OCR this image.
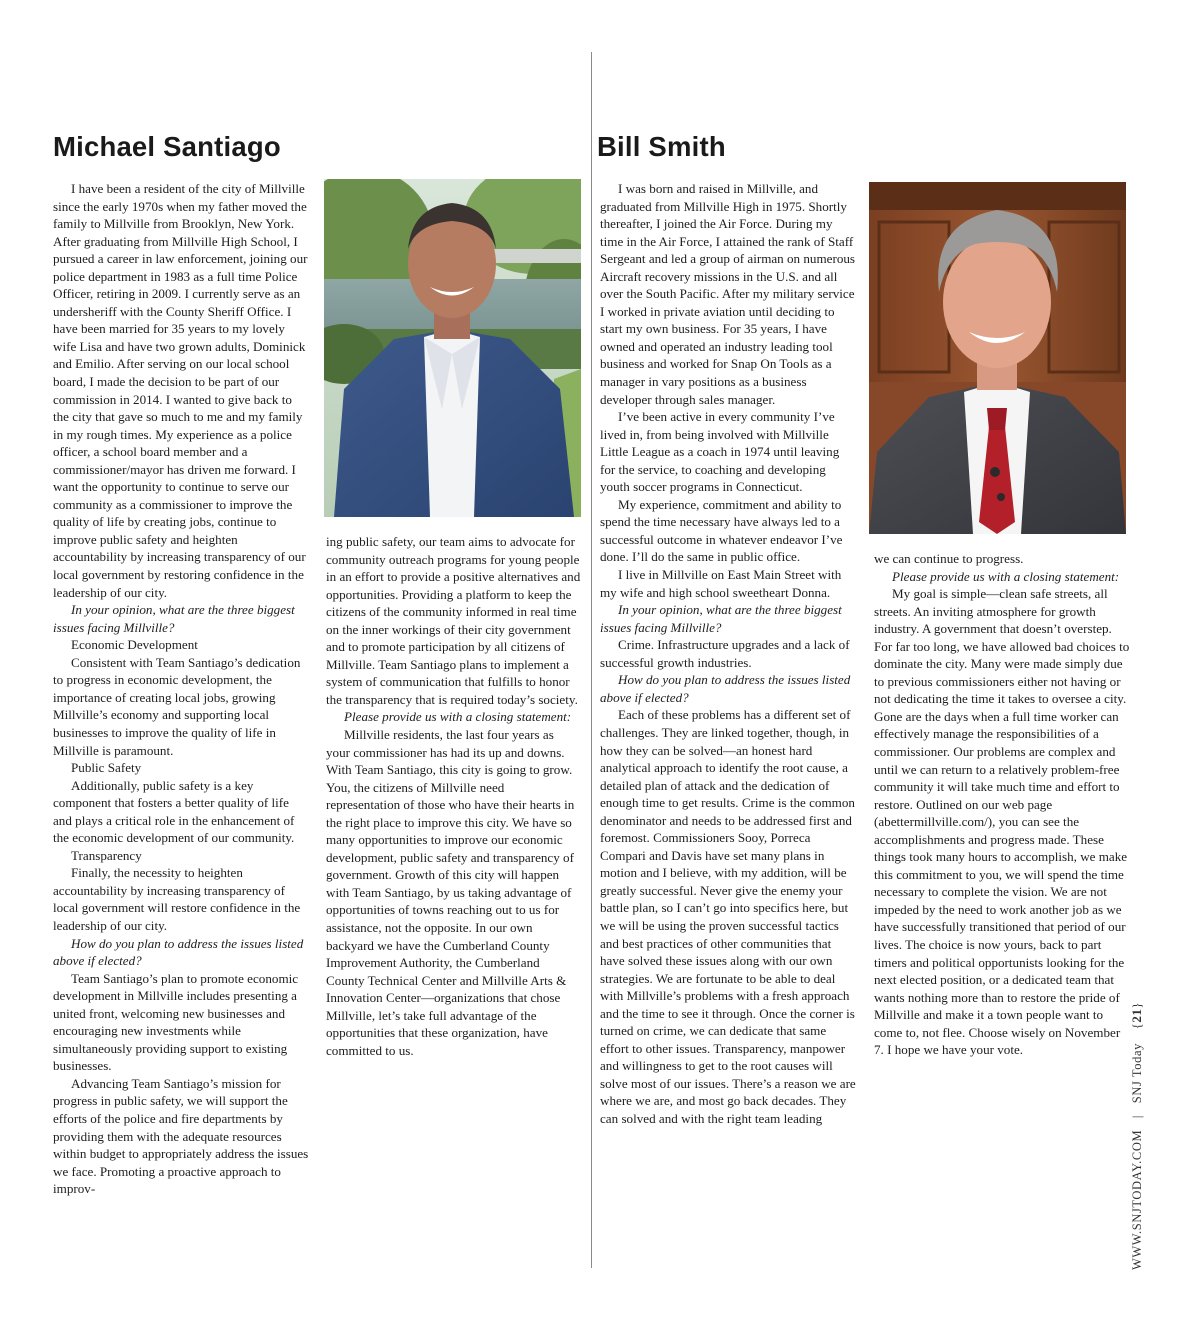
Michael Santiago

I have been a resident of the city of Millville since the early 1970s when my father moved the family to Millville from Brooklyn, New York. After graduating from Millville High School, I pursued a career in law enforcement, joining our police department in 1983 as a full time Police Officer, retiring in 2009. I currently serve as an undersheriff with the County Sheriff Office. I have been married for 35 years to my lovely wife Lisa and have two grown adults, Dominick and Emilio. After serving on our local school board, I made the decision to be part of our commission in 2014. I wanted to give back to the city that gave so much to me and my family in my rough times. My experience as a police officer, a school board member and a commissioner/mayor has driven me forward. I want the opportunity to continue to serve our community as a commissioner to improve the quality of life by creating jobs, continue to improve public safety and heighten accountability by increasing transparency of our local government by restoring confidence in the leadership of our city.

In your opinion, what are the three biggest issues facing Millville?

Economic Development

Consistent with Team Santiago’s dedication to progress in economic development, the importance of creating local jobs, growing Millville’s economy and supporting local businesses to improve the quality of life in Millville is paramount.

Public Safety

Additionally, public safety is a key component that fosters a better quality of life and plays a critical role in the enhancement of the economic development of our community.

Transparency

Finally, the necessity to heighten accountability by increasing transparency of local government will restore confidence in the leadership of our city.

How do you plan to address the issues listed above if elected?

Team Santiago’s plan to promote economic development in Millville includes presenting a united front, welcoming new businesses and encouraging new investments while simultaneously providing support to existing businesses.

Advancing Team Santiago’s mission for progress in public safety, we will support the efforts of the police and fire departments by providing them with the adequate resources within budget to appropriately address the issues we face. Promoting a proactive approach to improv-

ing public safety, our team aims to advocate for community outreach programs for young people in an effort to provide a positive alternatives and opportunities. Providing a platform to keep the citizens of the community informed in real time on the inner workings of their city government and to promote participation by all citizens of Millville. Team Santiago plans to implement a system of communication that fulfills to honor the transparency that is required today’s society.

Please provide us with a closing statement:

Millville residents, the last four years as your commissioner has had its up and downs. With Team Santiago, this city is going to grow. You, the citizens of Millville need representation of those who have their hearts in the right place to improve this city. We have so many opportunities to improve our economic development, public safety and transparency of government. Growth of this city will happen with Team Santiago, by us taking advantage of opportunities of towns reaching out to us for assistance, not the opposite. In our own backyard we have the Cumberland County Improvement Authority, the Cumberland County Technical Center and Millville Arts & Innovation Center—organizations that chose Millville, let’s take full advantage of the opportunities that these organization, have committed to us.

Bill Smith

I was born and raised in Millville, and graduated from Millville High in 1975. Shortly thereafter, I joined the Air Force. During my time in the Air Force, I attained the rank of Staff Sergeant and led a group of airman on numerous Aircraft recovery missions in the U.S. and all over the South Pacific. After my military service I worked in private aviation until deciding to start my own business. For 35 years, I have owned and operated an industry leading tool business and worked for Snap On Tools as a manager in vary positions as a business developer through sales manager.

I’ve been active in every community I’ve lived in, from being involved with Millville Little League as a coach in 1974 until leaving for the service, to coaching and developing youth soccer programs in Connecticut.

My experience, commitment and ability to spend the time necessary have always led to a successful outcome in whatever endeavor I’ve done. I’ll do the same in public office.

I live in Millville on East Main Street with my wife and high school sweetheart Donna.

In your opinion, what are the three biggest issues facing Millville?

Crime. Infrastructure upgrades and a lack of successful growth industries.

How do you plan to address the issues listed above if elected?

Each of these problems has a different set of challenges. They are linked together, though, in how they can be solved—an honest hard analytical approach to identify the root cause, a detailed plan of attack and the dedication of enough time to get results. Crime is the common denominator and needs to be addressed first and foremost. Commissioners Sooy, Porreca Compari and Davis have set many plans in motion and I believe, with my addition, will be greatly successful. Never give the enemy your battle plan, so I can’t go into specifics here, but we will be using the proven successful tactics and best practices of other communities that have solved these issues along with our own strategies. We are fortunate to be able to deal with Millville’s problems with a fresh approach and the time to see it through. Once the corner is turned on crime, we can dedicate that same effort to other issues. Transparency, manpower and willingness to get to the root causes will solve most of our issues. There’s a reason we are where we are, and most go back decades. They can solved and with the right team leading

we can continue to progress.

Please provide us with a closing statement:

My goal is simple—clean safe streets, all streets. An inviting atmosphere for growth industry. A government that doesn’t overstep. For far too long, we have allowed bad choices to dominate the city. Many were made simply due to previous commissioners either not having or not dedicating the time it takes to oversee a city. Gone are the days when a full time worker can effectively manage the responsibilities of a commissioner. Our problems are complex and until we can return to a relatively problem-free community it will take much time and effort to restore. Outlined on our web page (abettermillville.com/), you can see the accomplishments and progress made. These things took many hours to accomplish, we make this commitment to you, we will spend the time necessary to complete the vision. We are not impeded by the need to work another job as we have successfully transitioned that period of our lives. The choice is now yours, back to part timers and political opportunists looking for the next elected position, or a dedicated team that wants nothing more than to restore the pride of Millville and make it a town people want to come to, not flee. Choose wisely on November 7. I hope we have your vote.

WWW.SNJTODAY.COM | SNJ Today {21}
